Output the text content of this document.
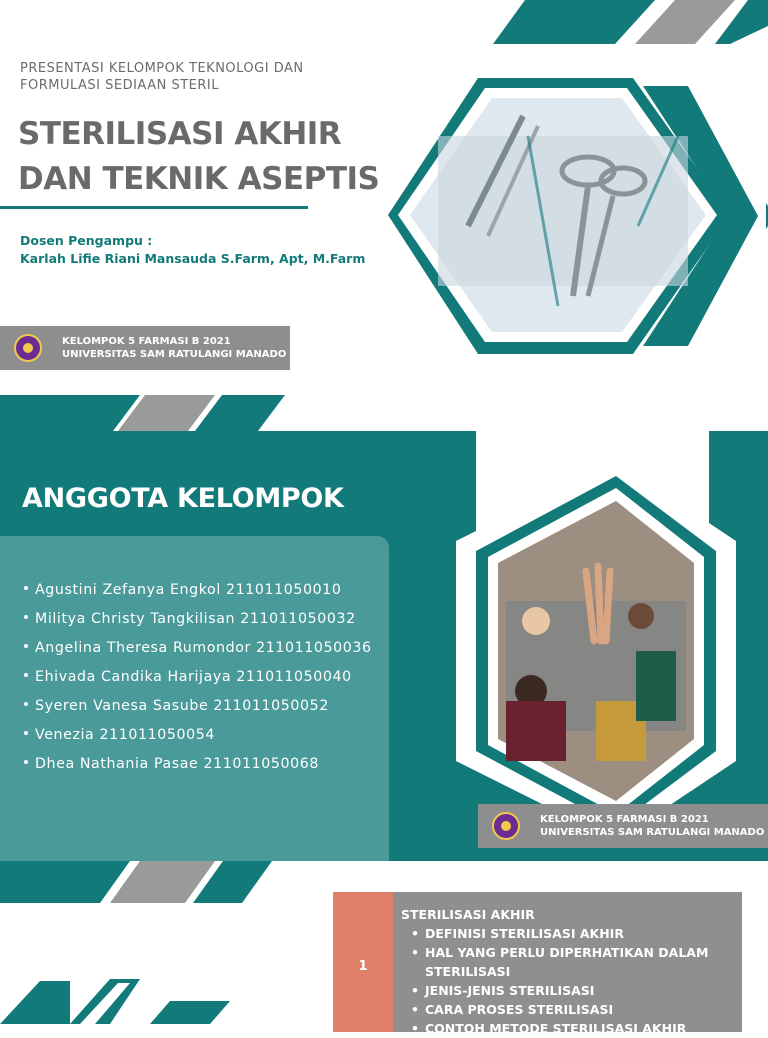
PRESENTASI KELOMPOK TEKNOLOGI DAN FORMULASI SEDIAAN STERIL
STERILISASI AKHIR
DAN TEKNIK ASEPTIS
Dosen Pengampu :
Karlah Lifie Riani Mansauda S.Farm, Apt, M.Farm
KELOMPOK 5 FARMASI B 2021
UNIVERSITAS SAM RATULANGI MANADO
ANGGOTA KELOMPOK
Agustini Zefanya Engkol 211011050010
Militya Christy Tangkilisan 211011050032
Angelina Theresa Rumondor 211011050036
Ehivada Candika Harijaya 211011050040
Syeren Vanesa Sasube 211011050052
Venezia 211011050054
Dhea Nathania Pasae 211011050068
KELOMPOK 5 FARMASI B 2021
UNIVERSITAS SAM RATULANGI MANADO
1
STERILISASI AKHIR
• DEFINISI STERILISASI AKHIR
• HAL YANG PERLU DIPERHATIKAN DALAM STERILISASI
• JENIS-JENIS STERILISASI
• CARA PROSES STERILISASI
• CONTOH METODE STERILISASI AKHIR
